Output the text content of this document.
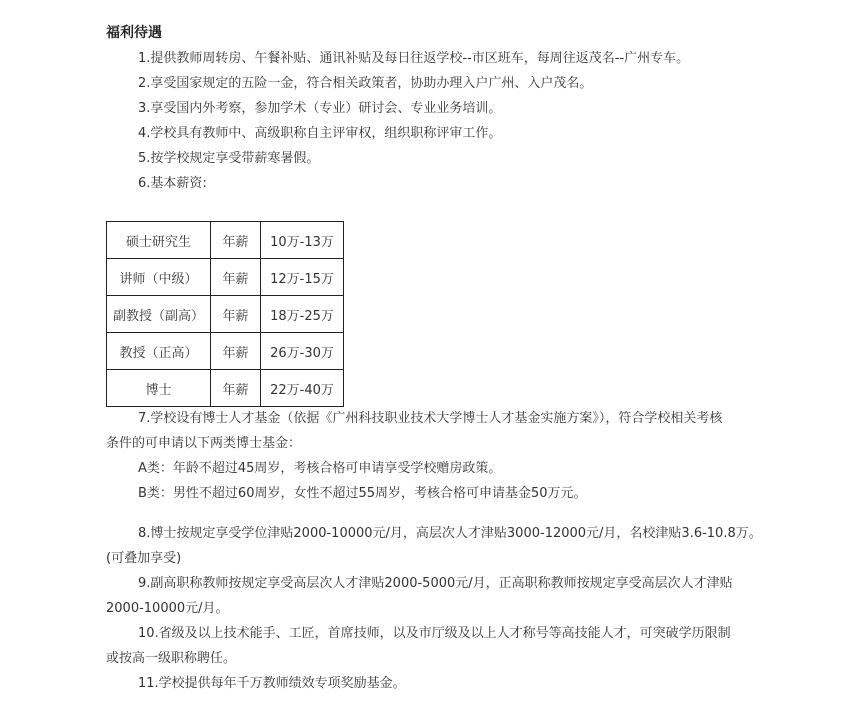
福利待遇
1.提供教师周转房、午餐补贴、通讯补贴及每日往返学校--市区班车，每周往返茂名--广州专车。
2.享受国家规定的五险一金，符合相关政策者，协助办理入户广州、入户茂名。
3.享受国内外考察，参加学术（专业）研讨会、专业业务培训。
4.学校具有教师中、高级职称自主评审权，组织职称评审工作。
5.按学校规定享受带薪寒暑假。
6.基本薪资:
硕士研究生	年薪	10万-13万
讲师（中级）	年薪	12万-15万
副教授（副高）	年薪	18万-25万
教授（正高）	年薪	26万-30万
博士	年薪	22万-40万
7.学校设有博士人才基金（依据《广州科技职业技术大学博士人才基金实施方案》），符合学校相关考核
条件的可申请以下两类博士基金：
A类：年龄不超过45周岁，考核合格可申请享受学校赠房政策。
B类：男性不超过60周岁，女性不超过55周岁，考核合格可申请基金50万元。
8.博士按规定享受学位津贴2000-10000元/月，高层次人才津贴3000-12000元/月，名校津贴3.6-10.8万。
(可叠加享受)
9.副高职称教师按规定享受高层次人才津贴2000-5000元/月，正高职称教师按规定享受高层次人才津贴
2000-10000元/月。
10.省级及以上技术能手、工匠，首席技师，以及市厅级及以上人才称号等高技能人才，可突破学历限制
或按高一级职称聘任。
11.学校提供每年千万教师绩效专项奖励基金。
